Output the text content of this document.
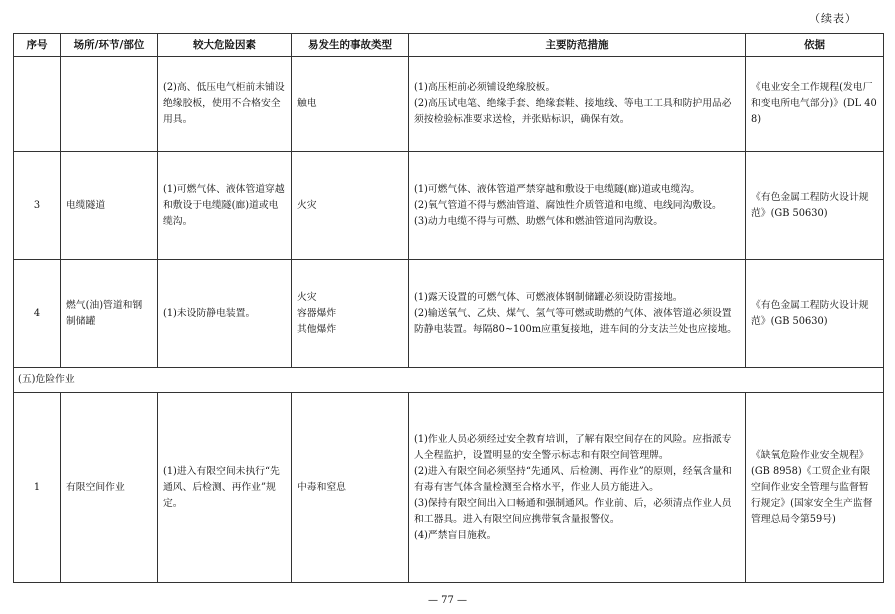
（续表）
序号	场所/环节/部位	较大危险因素	易发生的事故类型	主要防范措施	依据
		(2)高、低压电气柜前未铺设绝缘胶板，使用不合格安全用具。	触电	(1)高压柜前必须铺设绝缘胶板。
(2)高压试电笔、绝缘手套、绝缘套鞋、接地线、等电工工具和防护用品必须按检验标准要求送检，并张贴标识，确保有效。	《电业安全工作规程(发电厂和变电所电气部分)》(DL 408)
3	电缆隧道	(1)可燃气体、液体管道穿越和敷设于电缆隧(廊)道或电缆沟。	火灾	(1)可燃气体、液体管道严禁穿越和敷设于电缆隧(廊)道或电缆沟。
(2)氧气管道不得与燃油管道、腐蚀性介质管道和电缆、电线同沟敷设。
(3)动力电缆不得与可燃、助燃气体和燃油管道同沟敷设。	《有色金属工程防火设计规范》(GB 50630)
4	燃气(油)管道和钢制储罐	(1)未设防静电装置。	火灾
容器爆炸
其他爆炸	(1)露天设置的可燃气体、可燃液体钢制储罐必须设防雷接地。
(2)输送氧气、乙炔、煤气、氢气等可燃或助燃的气体、液体管道必须设置防静电装置。每隔80~100m应重复接地，进车间的分支法兰处也应接地。	《有色金属工程防火设计规范》(GB 50630)
(五)危险作业					
1	有限空间作业	(1)进入有限空间未执行“先通风、后检测、再作业”规定。	中毒和窒息	(1)作业人员必须经过安全教育培训，了解有限空间存在的风险。应指派专人全程监护，设置明显的安全警示标志和有限空间管理牌。
(2)进入有限空间必须坚持“先通风、后检测、再作业”的原则，经氧含量和有毒有害气体含量检测至合格水平，作业人员方能进入。
(3)保持有限空间出入口畅通和强制通风。作业前、后，必须清点作业人员和工器具。进入有限空间应携带氧含量报警仪。
(4)严禁盲目施救。	《缺氧危险作业安全规程》(GB 8958)《工贸企业有限空间作业安全管理与监督暂行规定》(国家安全生产监督管理总局令第59号)
— 77 —
